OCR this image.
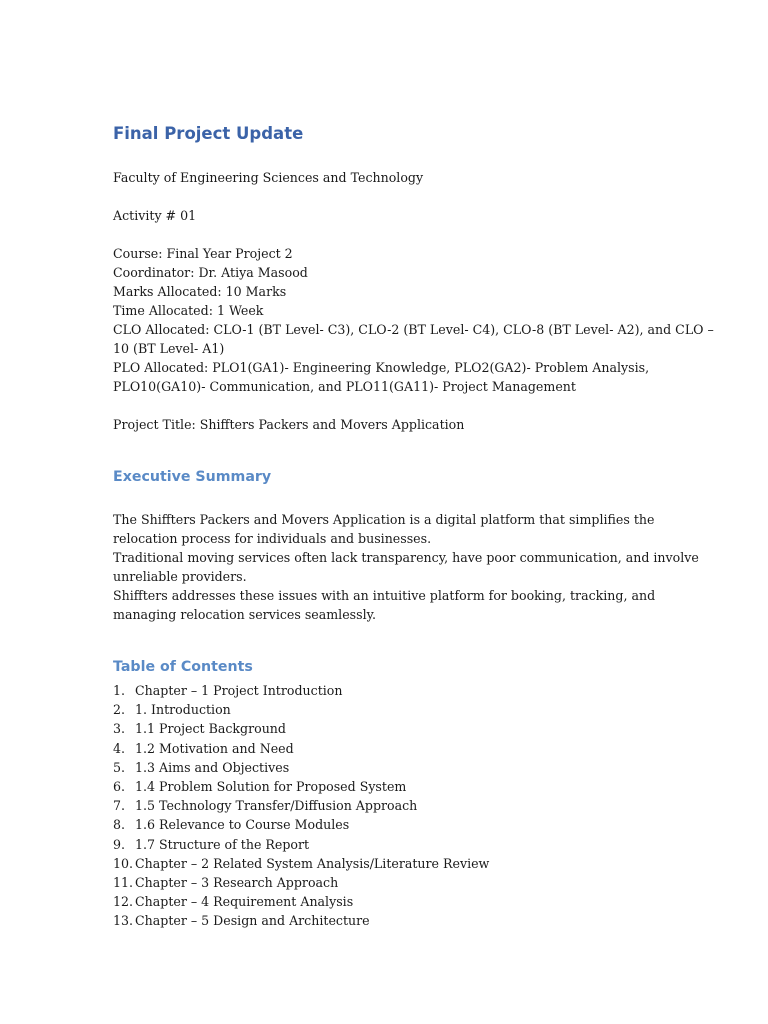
Final Project Update
Faculty of Engineering Sciences and Technology
Activity # 01
Course: Final Year Project 2
Coordinator: Dr. Atiya Masood
Marks Allocated: 10 Marks
Time Allocated: 1 Week
CLO Allocated: CLO-1 (BT Level- C3), CLO-2 (BT Level- C4), CLO-8 (BT Level- A2), and CLO –
10 (BT Level- A1)
PLO Allocated: PLO1(GA1)- Engineering Knowledge, PLO2(GA2)- Problem Analysis,
PLO10(GA10)- Communication, and PLO11(GA11)- Project Management
Project Title: Shiffters Packers and Movers Application
Executive Summary
The Shiffters Packers and Movers Application is a digital platform that simplifies the
relocation process for individuals and businesses.
Traditional moving services often lack transparency, have poor communication, and involve
unreliable providers.
Shiffters addresses these issues with an intuitive platform for booking, tracking, and
managing relocation services seamlessly.
Table of Contents
1. Chapter – 1 Project Introduction
2. 1. Introduction
3. 1.1 Project Background
4. 1.2 Motivation and Need
5. 1.3 Aims and Objectives
6. 1.4 Problem Solution for Proposed System
7. 1.5 Technology Transfer/Diffusion Approach
8. 1.6 Relevance to Course Modules
9. 1.7 Structure of the Report
10. Chapter – 2 Related System Analysis/Literature Review
11. Chapter – 3 Research Approach
12. Chapter – 4 Requirement Analysis
13. Chapter – 5 Design and Architecture
